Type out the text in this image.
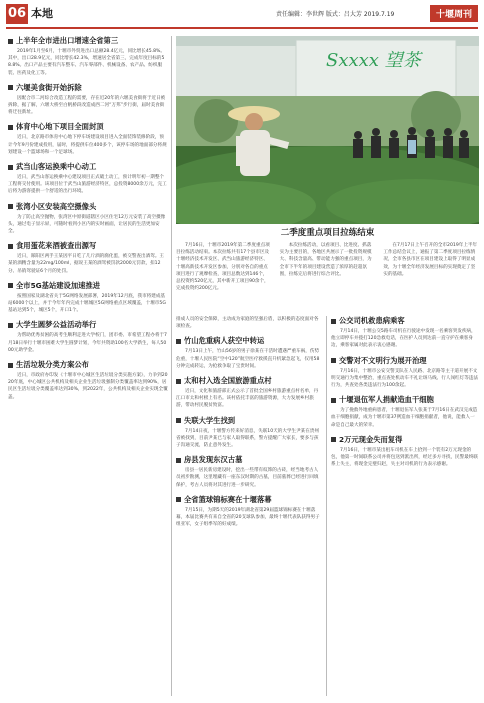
06 本地	责任编辑：李世辉 版式：吕大芳 2019.7.19	十堰周刊
上半年全市进出口增速全省第三

2019年1月至6月，十堰市外贸进出口总额28.4亿元，同比增长45.8%。其中，出口28.9亿元，同比增长42.3%，增速居全省第三，完成年度目标的58.8%。出口产品主要有汽车整车、汽车零部件、机械设备、农产品、纺织服装、医药及化工等。

六堰美食街开始拆除

因配合市二河综合改造工程的需要，存在近20年的六堰美食街将于近日被拆除，据了解，六堰大桥至白帆桥段改造成西二河“万邦”步行街，届时美食街将迁往新址。

体育中心地下项目全面封顶

近日，北京路市体育中心地下停车场建设项目进入全面装饰装修阶段，预计今年9月份建成投用，届时，将提供车位400多个，该停车场的地面部分将规划建设一个篮球场和一个足球场。

武当山客运换乘中心动工

近日，武当山客运换乘中心建设项目正式破土动工，预计明年初一期整个工程将交付使用。该项目位于武当山旅游经济特区，总投资8000余万元，完工后将为游客提供一个舒适的出行环境。

张湾小区安装高空摄像头

为了防止高空抛物，张湾区中原街道辖区小区住宅12万元安装了高空摄像头，通过电子显示屏，可随时看到小区内的实时画面，让居民的生活更加安全。

食用蛋花来酒被查出源写

近日，郧阳区两手王某因平日吃了几斤酒的腐化蛋，被交警查出酒驾。王某的酒精含量为22mg/100ml，据说王某的酒驾被罚款2000元罚款，扣12分、吊销驾驶证6个月的处罚。

全市5G基站建设加速推进

按照国家及湖北省关于5G网络发展部署，2019年12月底，我市将建成基站6000个以上，并于今年年内完成十堰城区5G网络重点区域覆盖，十堰市5G基站达到5个，城区5个，开口1个。

大学生圆梦公益活动举行

为帮助优秀贫困的高考生顺利走进大学校门，团市委、市希望工程办将于7月18日举行十堰市困难大学生圆梦计划，今年共资助100名大学新生，每人5000元助学金。

生活垃圾分类方案公布

近日，市政府办印发《十堰市中心城区生活垃圾分类实施方案》，力争到2020年底，中心城区公共机构及相关企业生活垃圾强制分类覆盖率达到90%，居民区生活垃圾分类覆盖率达到30%，到2022年，公共机构及相关企业实现全覆盖。

Sxxxx 望茶
二季度重点项目拉练结束

7月16日，十堰市2019年第二季度重点项目拉练活动结束。本次拉练共有17个县市区及十堰经济技术开发区、武当山旅游经济特区、十堰高新技术开发区参加，分别对各自的重点项目进行了观摩检查，项目总数达到146个，总投资约520亿元，其中新开工项目90余个，完成投资约200亿元。

本次拉练活动，以看项目、比进度、抓落实为主要目的，各地区共展示了一批投资规模大、科技含量高、带动能力强的重点项目，为全市下半年的项目建设营造了浓厚的赶超氛围，拉练完后将进行综合评比。

在7月17日上午召开的全市2019年上半年工作总结会议上，通报了第二季度项目拉练情况，全市各县市区在项目建设上取得了明显成效，为十堰全年经济发展目标的实现奠定了坚实的基础。

排成人员的安全保障，主动成为家庭的坚强后盾，以积极的态度面对各项检查。

竹山危重病人获空中转运

7月13日上午，竹山56岁的男子徐某在干活时遭遇严重车祸，伤势危重，十堰人民医院“空中120”航空医疗救援直升机紧急起飞，仅用58分钟完成转运，为抢救争取了宝贵时间。

太和村入选全国旅游重点村

近日，文化和旅游部正式公示了首批全国乡村旅游重点村名单，丹江口市太和村榜上有名。该村依托丰富的旅游资源，大力发展乡村旅游，带动村民脱贫致富。

失联大学生找到

7月14日夜，十堰警方传来好消息，失联10天的大学生尹某在贵州省被找到，目前尹某已与家人取得联系，警方提醒广大家长，要多与孩子沟通交流，防止意外发生。

房县发现东汉古墓

房县一居民新房建设时，挖出一些带有纹饰的古砖，经当地考古人员初步勘测，这里埋藏有一座东汉时期的古墓，目前墓葬已经进行回填保护，考古人员将对其进行进一步研究。

全省篮球锦标赛在十堰落幕

7月15日，为期5天的2019年湖北省第29届篮球锦标赛在十堰落幕，本届比赛共有来自全省的20支球队参加，最终十堰代表队获得男子组亚军，女子组季军的好成绩。

公交司机救患病乘客

7月14日，十堰公交5路车司机在行驶途中发现一名乘客突发疾病，他立即停车并拨打120急救电话，在医护人员到达前一直守护在乘客身边，乘客家属对此表示衷心感谢。

交警对不文明行为展开治理

7月16日，十堰市公安交警支队在人民路、北京路等主干道开展不文明交通行为集中整治，重点查处机动车不礼让斑马线、行人闯红灯等违法行为，共查处各类违法行为100余起。

十堰退伍军人捐献造血干细胞

为了挽救外地重病患者，十堰退伍军人张某于7月16日在武汉完成造血干细胞捐献，成为十堰市第37例造血干细胞捐献者，他说，能救人一命是自己最大的荣幸。

2万元现金失而复得

7月16日，十堰市某出租车司机在车上拾到一个装有2万元现金的包，他第一时间联系公司并将包送到派出所，经过多方寻找，民警最终联系上失主，将现金完璧归赵，失主对司机的行为表示感谢。
